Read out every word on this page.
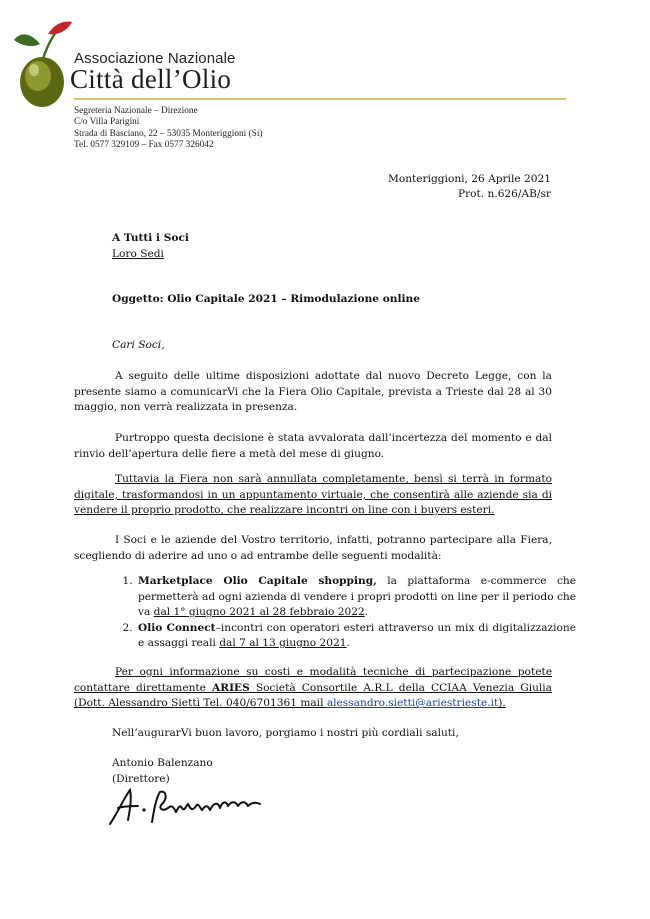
Associazione Nazionale
Città dell’Olio
Segreteria Nazionale – Direzione
C/o Villa Parigini
Strada di Basciano, 22 – 53035 Monteriggioni (Si)
Tel. 0577 329109 – Fax 0577 326042
Monteriggioni, 26 Aprile 2021
Prot. n.626/AB/sr
A Tutti i Soci
Loro Sedi
Oggetto: Olio Capitale 2021 – Rimodulazione online
Cari Soci,
A seguito delle ultime disposizioni adottate dal nuovo Decreto Legge, con la presente siamo a comunicarVi che la Fiera Olio Capitale, prevista a Trieste dal 28 al 30 maggio, non verrà realizzata in presenza.
Purtroppo questa decisione è stata avvalorata dall’incertezza del momento e dal rinvio dell’apertura delle fiere a metà del mese di giugno.
Tuttavia la Fiera non sarà annullata completamente, bensì si terrà in formato digitale, trasformandosi in un appuntamento virtuale, che consentirà alle aziende sia di vendere il proprio prodotto, che realizzare incontri on line con i buyers esteri.
I Soci e le aziende del Vostro territorio, infatti, potranno partecipare alla Fiera, scegliendo di aderire ad uno o ad entrambe delle seguenti modalità:
1. Marketplace Olio Capitale shopping, la piattaforma e-commerce che permetterà ad ogni azienda di vendere i propri prodotti on line per il periodo che va dal 1° giugno 2021 al 28 febbraio 2022.
2. Olio Connect–incontri con operatori esteri attraverso un mix di digitalizzazione e assaggi reali dal 7 al 13 giugno 2021.
Per ogni informazione su costi e modalità tecniche di partecipazione potete contattare direttamente ARIES Società Consortile A.R.L della CCIAA Venezia Giulia (Dott. Alessandro Siettì Tel. 040/6701361 mail alessandro.sietti@ariestrieste.it).
Nell’augurarVi buon lavoro, porgiamo i nostri più cordiali saluti,
Antonio Balenzano
(Direttore)
